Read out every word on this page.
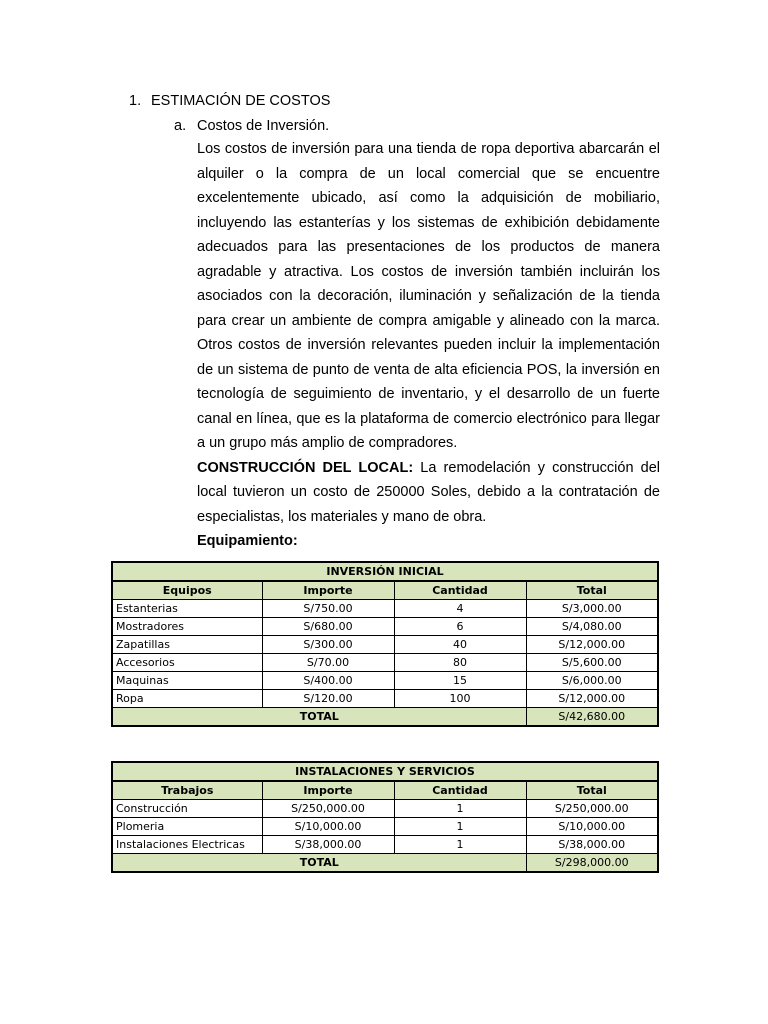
1. ESTIMACIÓN DE COSTOS
a. Costos de Inversión.

Los costos de inversión para una tienda de ropa deportiva abarcarán el alquiler o la compra de un local comercial que se encuentre excelentemente ubicado, así como la adquisición de mobiliario, incluyendo las estanterías y los sistemas de exhibición debidamente adecuados para las presentaciones de los productos de manera agradable y atractiva. Los costos de inversión también incluirán los asociados con la decoración, iluminación y señalización de la tienda para crear un ambiente de compra amigable y alineado con la marca. Otros costos de inversión relevantes pueden incluir la implementación de un sistema de punto de venta de alta eficiencia POS, la inversión en tecnología de seguimiento de inventario, y el desarrollo de un fuerte canal en línea, que es la plataforma de comercio electrónico para llegar a un grupo más amplio de compradores.

CONSTRUCCIÓN DEL LOCAL: La remodelación y construcción del local tuvieron un costo de 250000 Soles, debido a la contratación de especialistas, los materiales y mano de obra.

Equipamiento:

INVERSIÓN INICIAL			
Equipos	Importe	Cantidad	Total
Estanterias	S/750.00	4	S/3,000.00
Mostradores	S/680.00	6	S/4,080.00
Zapatillas	S/300.00	40	S/12,000.00
Accesorios	S/70.00	80	S/5,600.00
Maquinas	S/400.00	15	S/6,000.00
Ropa	S/120.00	100	S/12,000.00
TOTAL			S/42,680.00
INSTALACIONES Y SERVICIOS			
Trabajos	Importe	Cantidad	Total
Construcción	S/250,000.00	1	S/250,000.00
Plomeria	S/10,000.00	1	S/10,000.00
Instalaciones Electricas	S/38,000.00	1	S/38,000.00
TOTAL			S/298,000.00
